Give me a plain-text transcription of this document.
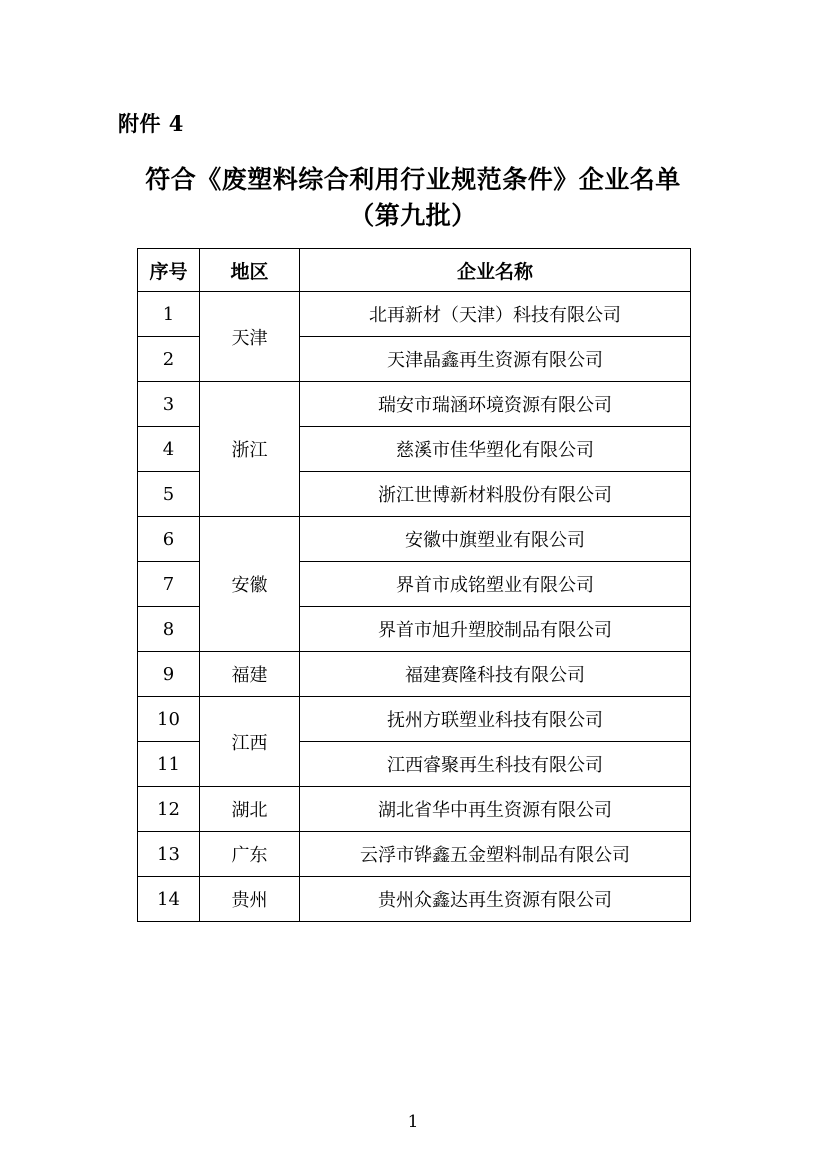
附件 4
符合《废塑料综合利用行业规范条件》企业名单
（第九批）
序号	地区	企业名称
1	天津	北再新材（天津）科技有限公司
2		天津晶鑫再生资源有限公司
3	浙江	瑞安市瑞涵环境资源有限公司
4		慈溪市佳华塑化有限公司
5		浙江世博新材料股份有限公司
6	安徽	安徽中旗塑业有限公司
7		界首市成铭塑业有限公司
8		界首市旭升塑胶制品有限公司
9	福建	福建赛隆科技有限公司
10	江西	抚州方联塑业科技有限公司
11		江西睿聚再生科技有限公司
12	湖北	湖北省华中再生资源有限公司
13	广东	云浮市铧鑫五金塑料制品有限公司
14	贵州	贵州众鑫达再生资源有限公司
1
